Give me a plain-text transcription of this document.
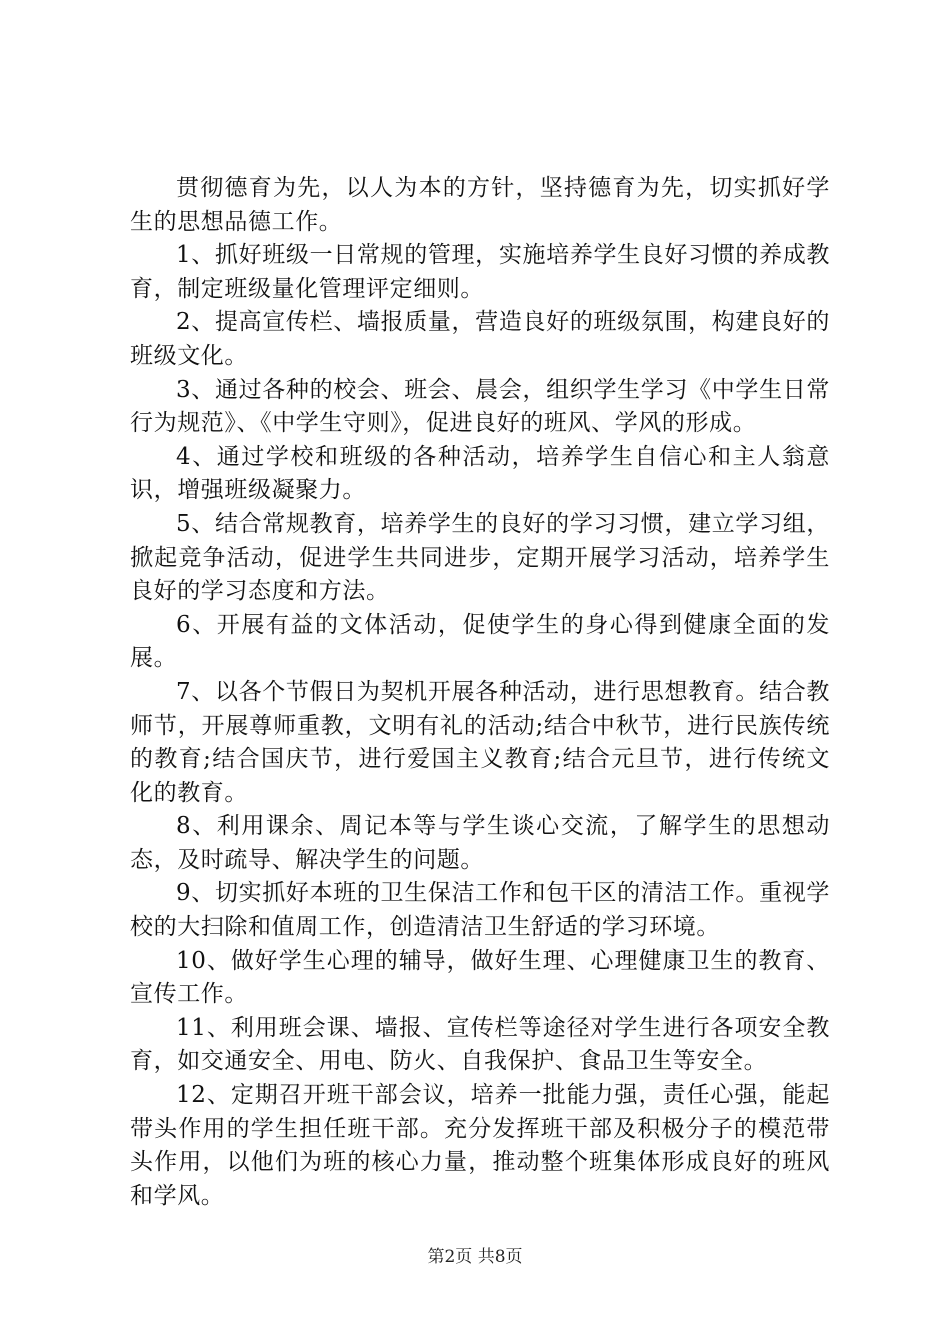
贯彻德育为先，以人为本的方针，坚持德育为先，切实抓好学生的思想品德工作。

1、抓好班级一日常规的管理，实施培养学生良好习惯的养成教育，制定班级量化管理评定细则。

2、提高宣传栏、墙报质量，营造良好的班级氛围，构建良好的班级文化。

3、通过各种的校会、班会、晨会，组织学生学习《中学生日常行为规范》、《中学生守则》，促进良好的班风、学风的形成。

4、通过学校和班级的各种活动，培养学生自信心和主人翁意识，增强班级凝聚力。

5、结合常规教育，培养学生的良好的学习习惯，建立学习组，掀起竞争活动，促进学生共同进步，定期开展学习活动，培养学生良好的学习态度和方法。

6、开展有益的文体活动，促使学生的身心得到健康全面的发展。

7、以各个节假日为契机开展各种活动，进行思想教育。结合教师节，开展尊师重教，文明有礼的活动;结合中秋节，进行民族传统的教育;结合国庆节，进行爱国主义教育;结合元旦节，进行传统文化的教育。

8、利用课余、周记本等与学生谈心交流，了解学生的思想动态，及时疏导、解决学生的问题。

9、切实抓好本班的卫生保洁工作和包干区的清洁工作。重视学校的大扫除和值周工作，创造清洁卫生舒适的学习环境。

10、做好学生心理的辅导，做好生理、心理健康卫生的教育、宣传工作。

11、利用班会课、墙报、宣传栏等途径对学生进行各项安全教育，如交通安全、用电、防火、自我保护、食品卫生等安全。

12、定期召开班干部会议，培养一批能力强，责任心强，能起带头作用的学生担任班干部。充分发挥班干部及积极分子的模范带头作用，以他们为班的核心力量，推动整个班集体形成良好的班风和学风。

第2页 共8页
